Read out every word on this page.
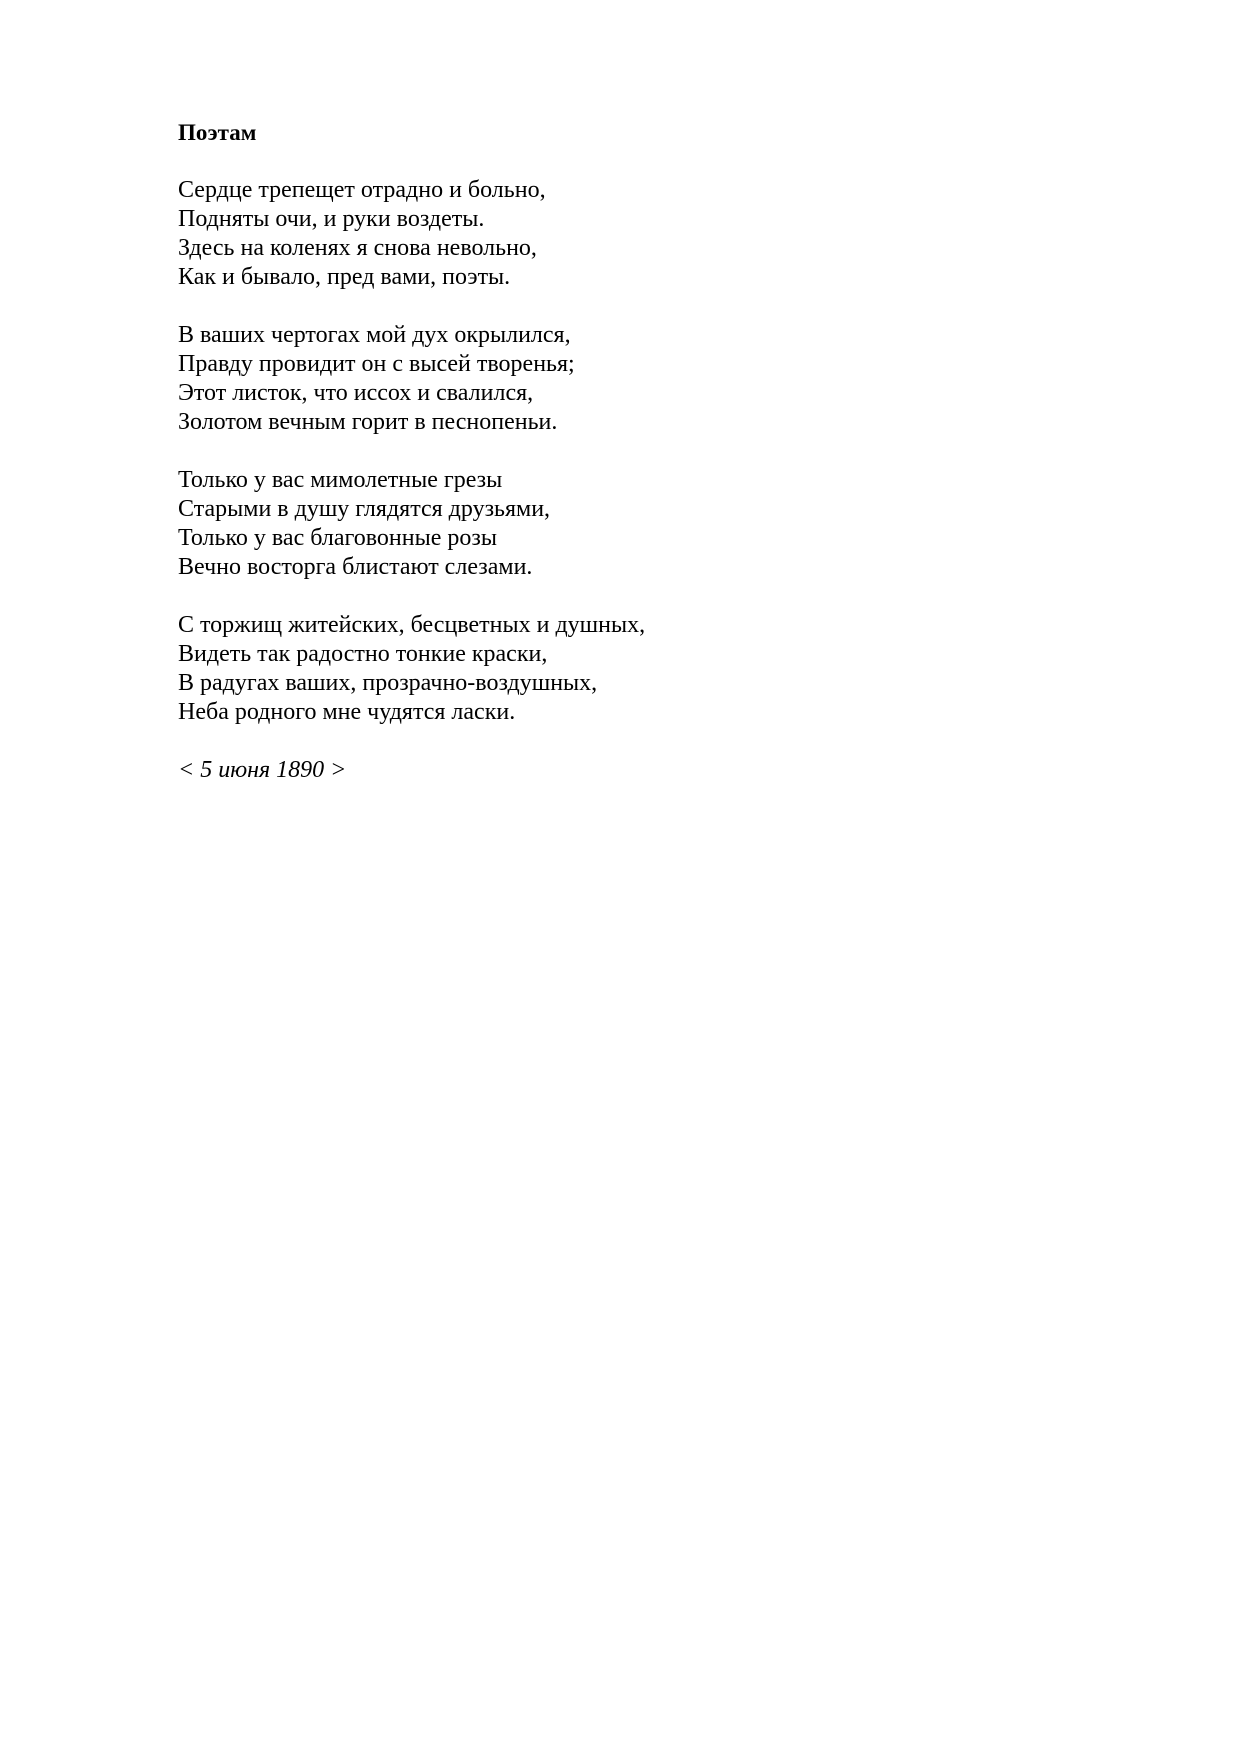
Поэтам
Сердце трепещет отрадно и больно,
Подняты очи, и руки воздеты.
Здесь на коленях я снова невольно,
Как и бывало, пред вами, поэты.
В ваших чертогах мой дух окрылился,
Правду провидит он с высей творенья;
Этот листок, что иссох и свалился,
Золотом вечным горит в песнопеньи.
Только у вас мимолетные грезы
Старыми в душу глядятся друзьями,
Только у вас благовонные розы
Вечно восторга блистают слезами.
С торжищ житейских, бесцветных и душных,
Видеть так радостно тонкие краски,
В радугах ваших, прозрачно-воздушных,
Неба родного мне чудятся ласки.
< 5 июня 1890 >
